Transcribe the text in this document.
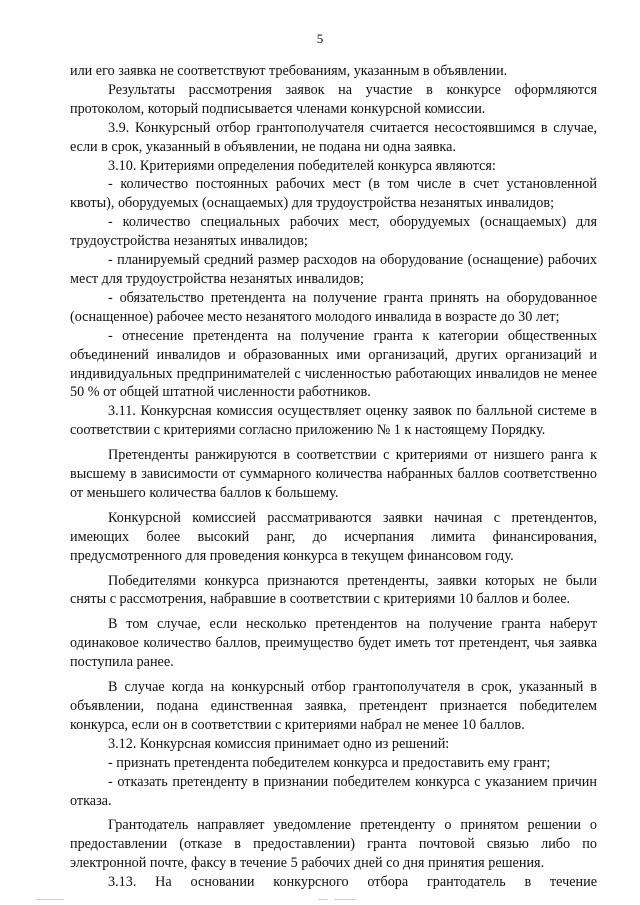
5

или его заявка не соответствуют требованиям, указанным в объявлении.

Результаты рассмотрения заявок на участие в конкурсе оформляются протоколом, который подписывается членами конкурсной комиссии.

3.9. Конкурсный отбор грантополучателя считается несостоявшимся в случае, если в срок, указанный в объявлении, не подана ни одна заявка.

3.10. Критериями определения победителей конкурса являются:

- количество постоянных рабочих мест (в том числе в счет установленной квоты), оборудуемых (оснащаемых) для трудоустройства незанятых инвалидов;

- количество специальных рабочих мест, оборудуемых (оснащаемых) для трудоустройства незанятых инвалидов;

- планируемый средний размер расходов на оборудование (оснащение) рабочих мест для трудоустройства незанятых инвалидов;

- обязательство претендента на получение гранта принять на оборудованное (оснащенное) рабочее место незанятого молодого инвалида в возрасте до 30 лет;

- отнесение претендента на получение гранта к категории общественных объединений инвалидов и образованных ими организаций, других организаций и индивидуальных предпринимателей с численностью работающих инвалидов не менее 50 % от общей штатной численности работников.

3.11. Конкурсная комиссия осуществляет оценку заявок по балльной системе в соответствии с критериями согласно приложению № 1 к настоящему Порядку.

Претенденты ранжируются в соответствии с критериями от низшего ранга к высшему в зависимости от суммарного количества набранных баллов соответственно от меньшего количества баллов к большему.

Конкурсной комиссией рассматриваются заявки начиная с претендентов, имеющих более высокий ранг, до исчерпания лимита финансирования, предусмотренного для проведения конкурса в текущем финансовом году.

Победителями конкурса признаются претенденты, заявки которых не были сняты с рассмотрения, набравшие в соответствии с критериями 10 баллов и более.

В том случае, если несколько претендентов на получение гранта наберут одинаковое количество баллов, преимущество будет иметь тот претендент, чья заявка поступила ранее.

В случае когда на конкурсный отбор грантополучателя в срок, указанный в объявлении, подана единственная заявка, претендент признается победителем конкурса, если он в соответствии с критериями набрал не менее 10 баллов.

3.12. Конкурсная комиссия принимает одно из решений:

- признать претендента победителем конкурса и предоставить ему грант;

- отказать претенденту в признании победителем конкурса с указанием причин отказа.

Грантодатель направляет уведомление претенденту о принятом решении о предоставлении (отказе в предоставлении) гранта почтовой связью либо по электронной почте, факсу в течение 5 рабочих дней со дня принятия решения.

3.13. На основании конкурсного отбора грантодатель в течение
